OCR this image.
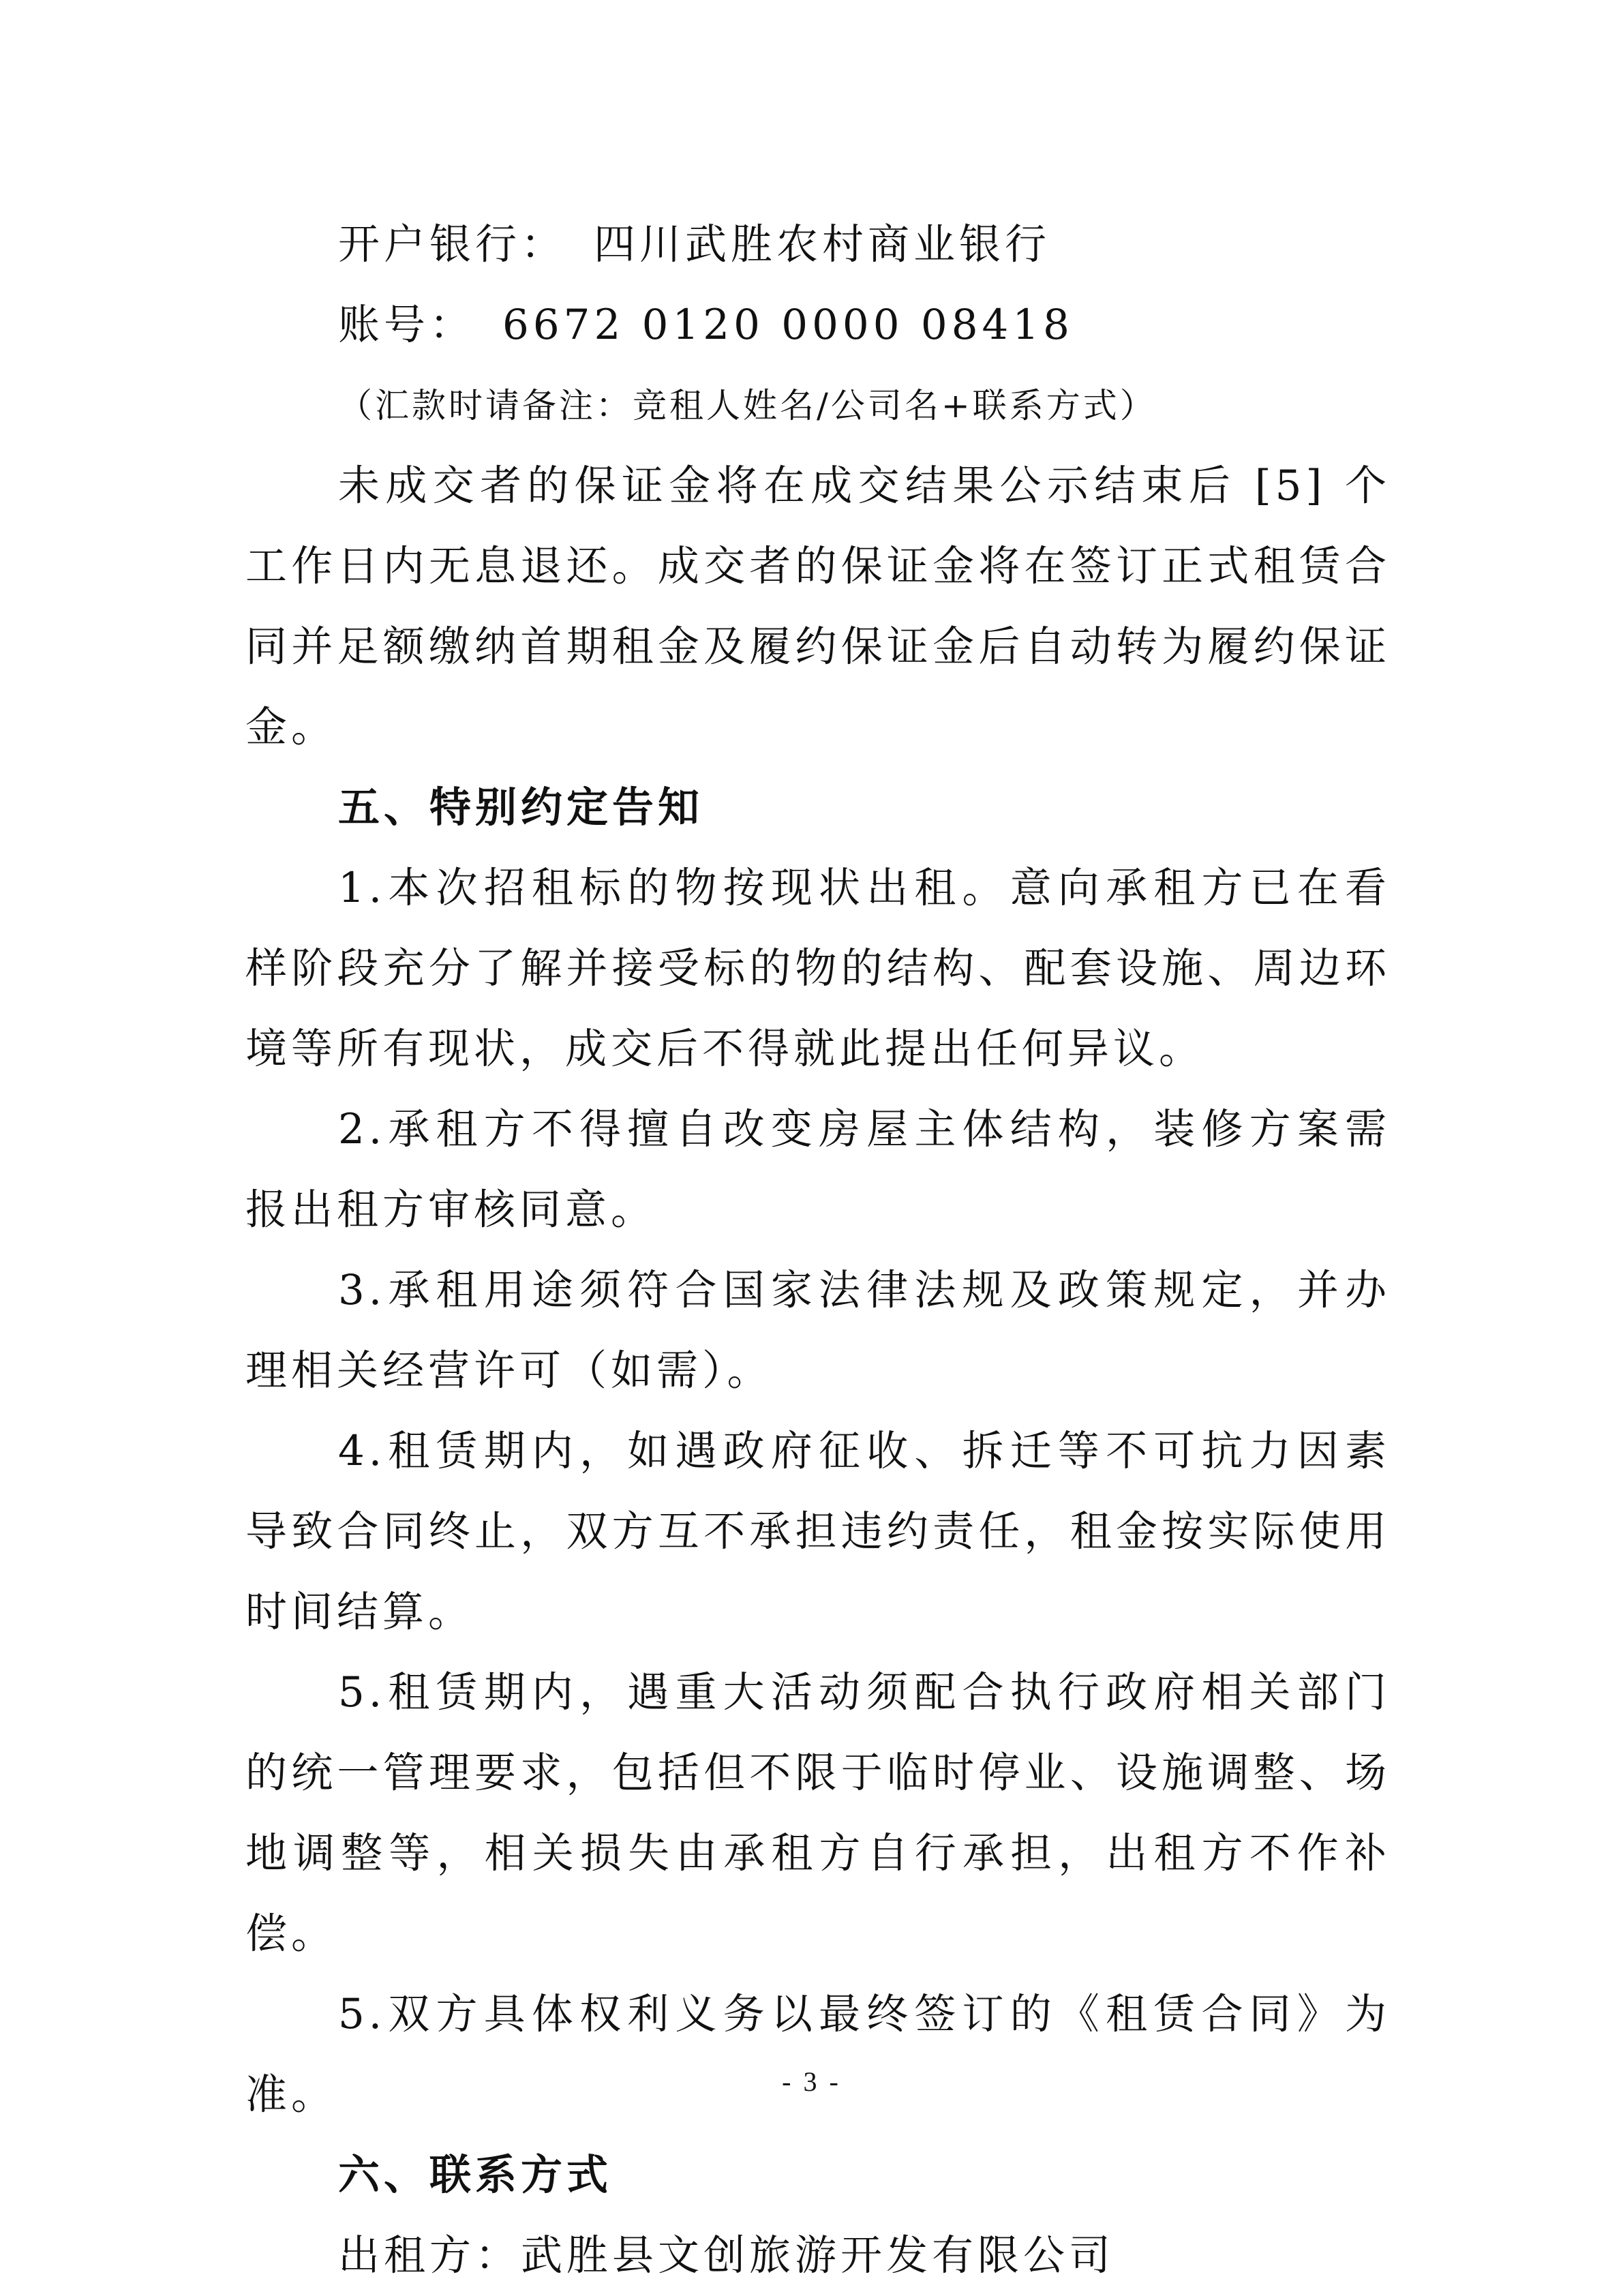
开户银行： 四川武胜农村商业银行
账号： 6672 0120 0000 08418
（汇款时请备注：竞租人姓名/公司名+联系方式）

未成交者的保证金将在成交结果公示结束后 [5] 个工作日内无息退还。成交者的保证金将在签订正式租赁合同并足额缴纳首期租金及履约保证金后自动转为履约保证金。

五、特别约定告知

1.本次招租标的物按现状出租。意向承租方已在看样阶段充分了解并接受标的物的结构、配套设施、周边环境等所有现状，成交后不得就此提出任何异议。

2.承租方不得擅自改变房屋主体结构，装修方案需报出租方审核同意。

3.承租用途须符合国家法律法规及政策规定，并办理相关经营许可（如需）。

4.租赁期内，如遇政府征收、拆迁等不可抗力因素导致合同终止，双方互不承担违约责任，租金按实际使用时间结算。

5.租赁期内，遇重大活动须配合执行政府相关部门的统一管理要求，包括但不限于临时停业、设施调整、场地调整等，相关损失由承租方自行承担，出租方不作补偿。

5.双方具体权利义务以最终签订的《租赁合同》为准。

六、联系方式
出租方：武胜县文创旅游开发有限公司
- 3 -
